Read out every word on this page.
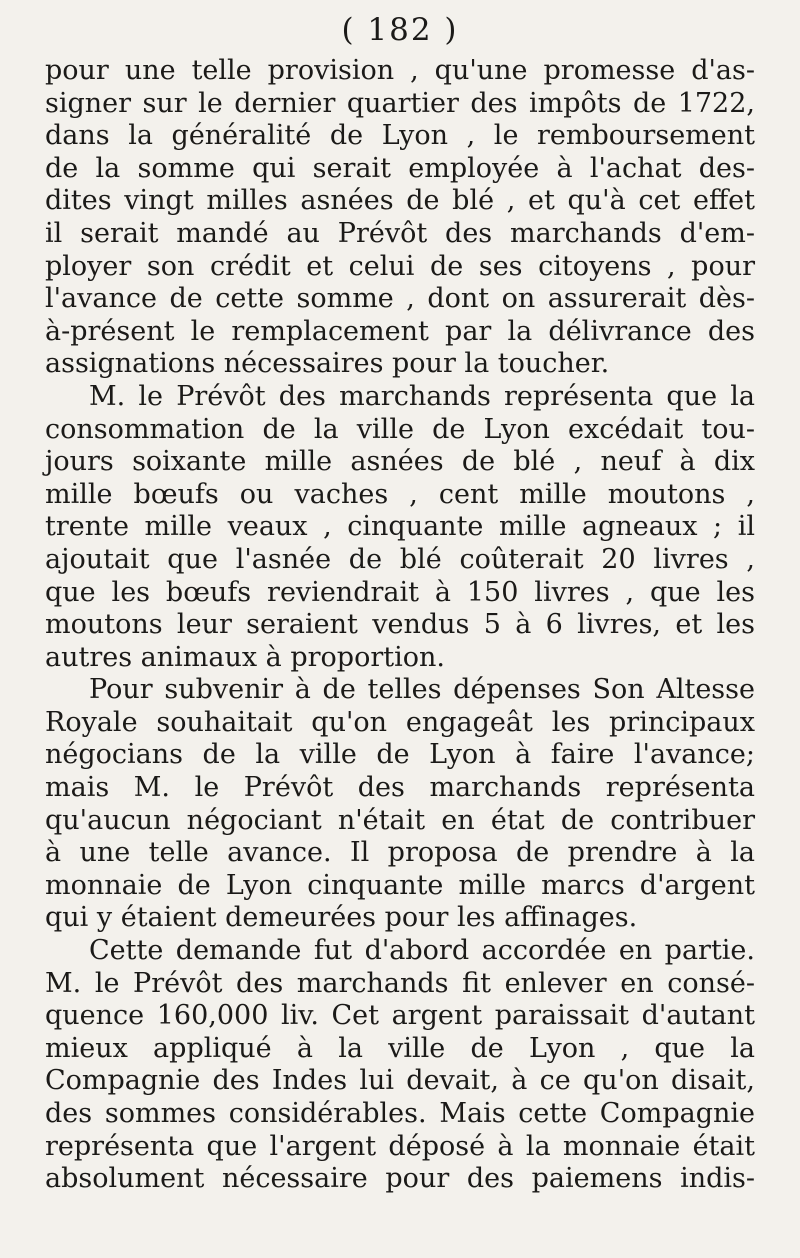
( 182 )
pour une telle provision , qu'une promesse d'as-
signer sur le dernier quartier des impôts de 1722,
dans la généralité de Lyon , le remboursement
de la somme qui serait employée à l'achat des-
dites vingt milles asnées de blé , et qu'à cet effet
il serait mandé au Prévôt des marchands d'em-
ployer son crédit et celui de ses citoyens , pour
l'avance de cette somme , dont on assurerait dès-
à-présent le remplacement par la délivrance des
assignations nécessaires pour la toucher.
M. le Prévôt des marchands représenta que la
consommation de la ville de Lyon excédait tou-
jours soixante mille asnées de blé , neuf à dix
mille bœufs ou vaches , cent mille moutons ,
trente mille veaux , cinquante mille agneaux ; il
ajoutait que l'asnée de blé coûterait 20 livres ,
que les bœufs reviendrait à 150 livres , que les
moutons leur seraient vendus 5 à 6 livres, et les
autres animaux à proportion.
Pour subvenir à de telles dépenses Son Altesse
Royale souhaitait qu'on engageât les principaux
négocians de la ville de Lyon à faire l'avance;
mais M. le Prévôt des marchands représenta
qu'aucun négociant n'était en état de contribuer
à une telle avance. Il proposa de prendre à la
monnaie de Lyon cinquante mille marcs d'argent
qui y étaient demeurées pour les affinages.
Cette demande fut d'abord accordée en partie.
M. le Prévôt des marchands fit enlever en consé-
quence 160,000 liv. Cet argent paraissait d'autant
mieux appliqué à la ville de Lyon , que la
Compagnie des Indes lui devait, à ce qu'on disait,
des sommes considérables. Mais cette Compagnie
représenta que l'argent déposé à la monnaie était
absolument nécessaire pour des paiemens indis-
